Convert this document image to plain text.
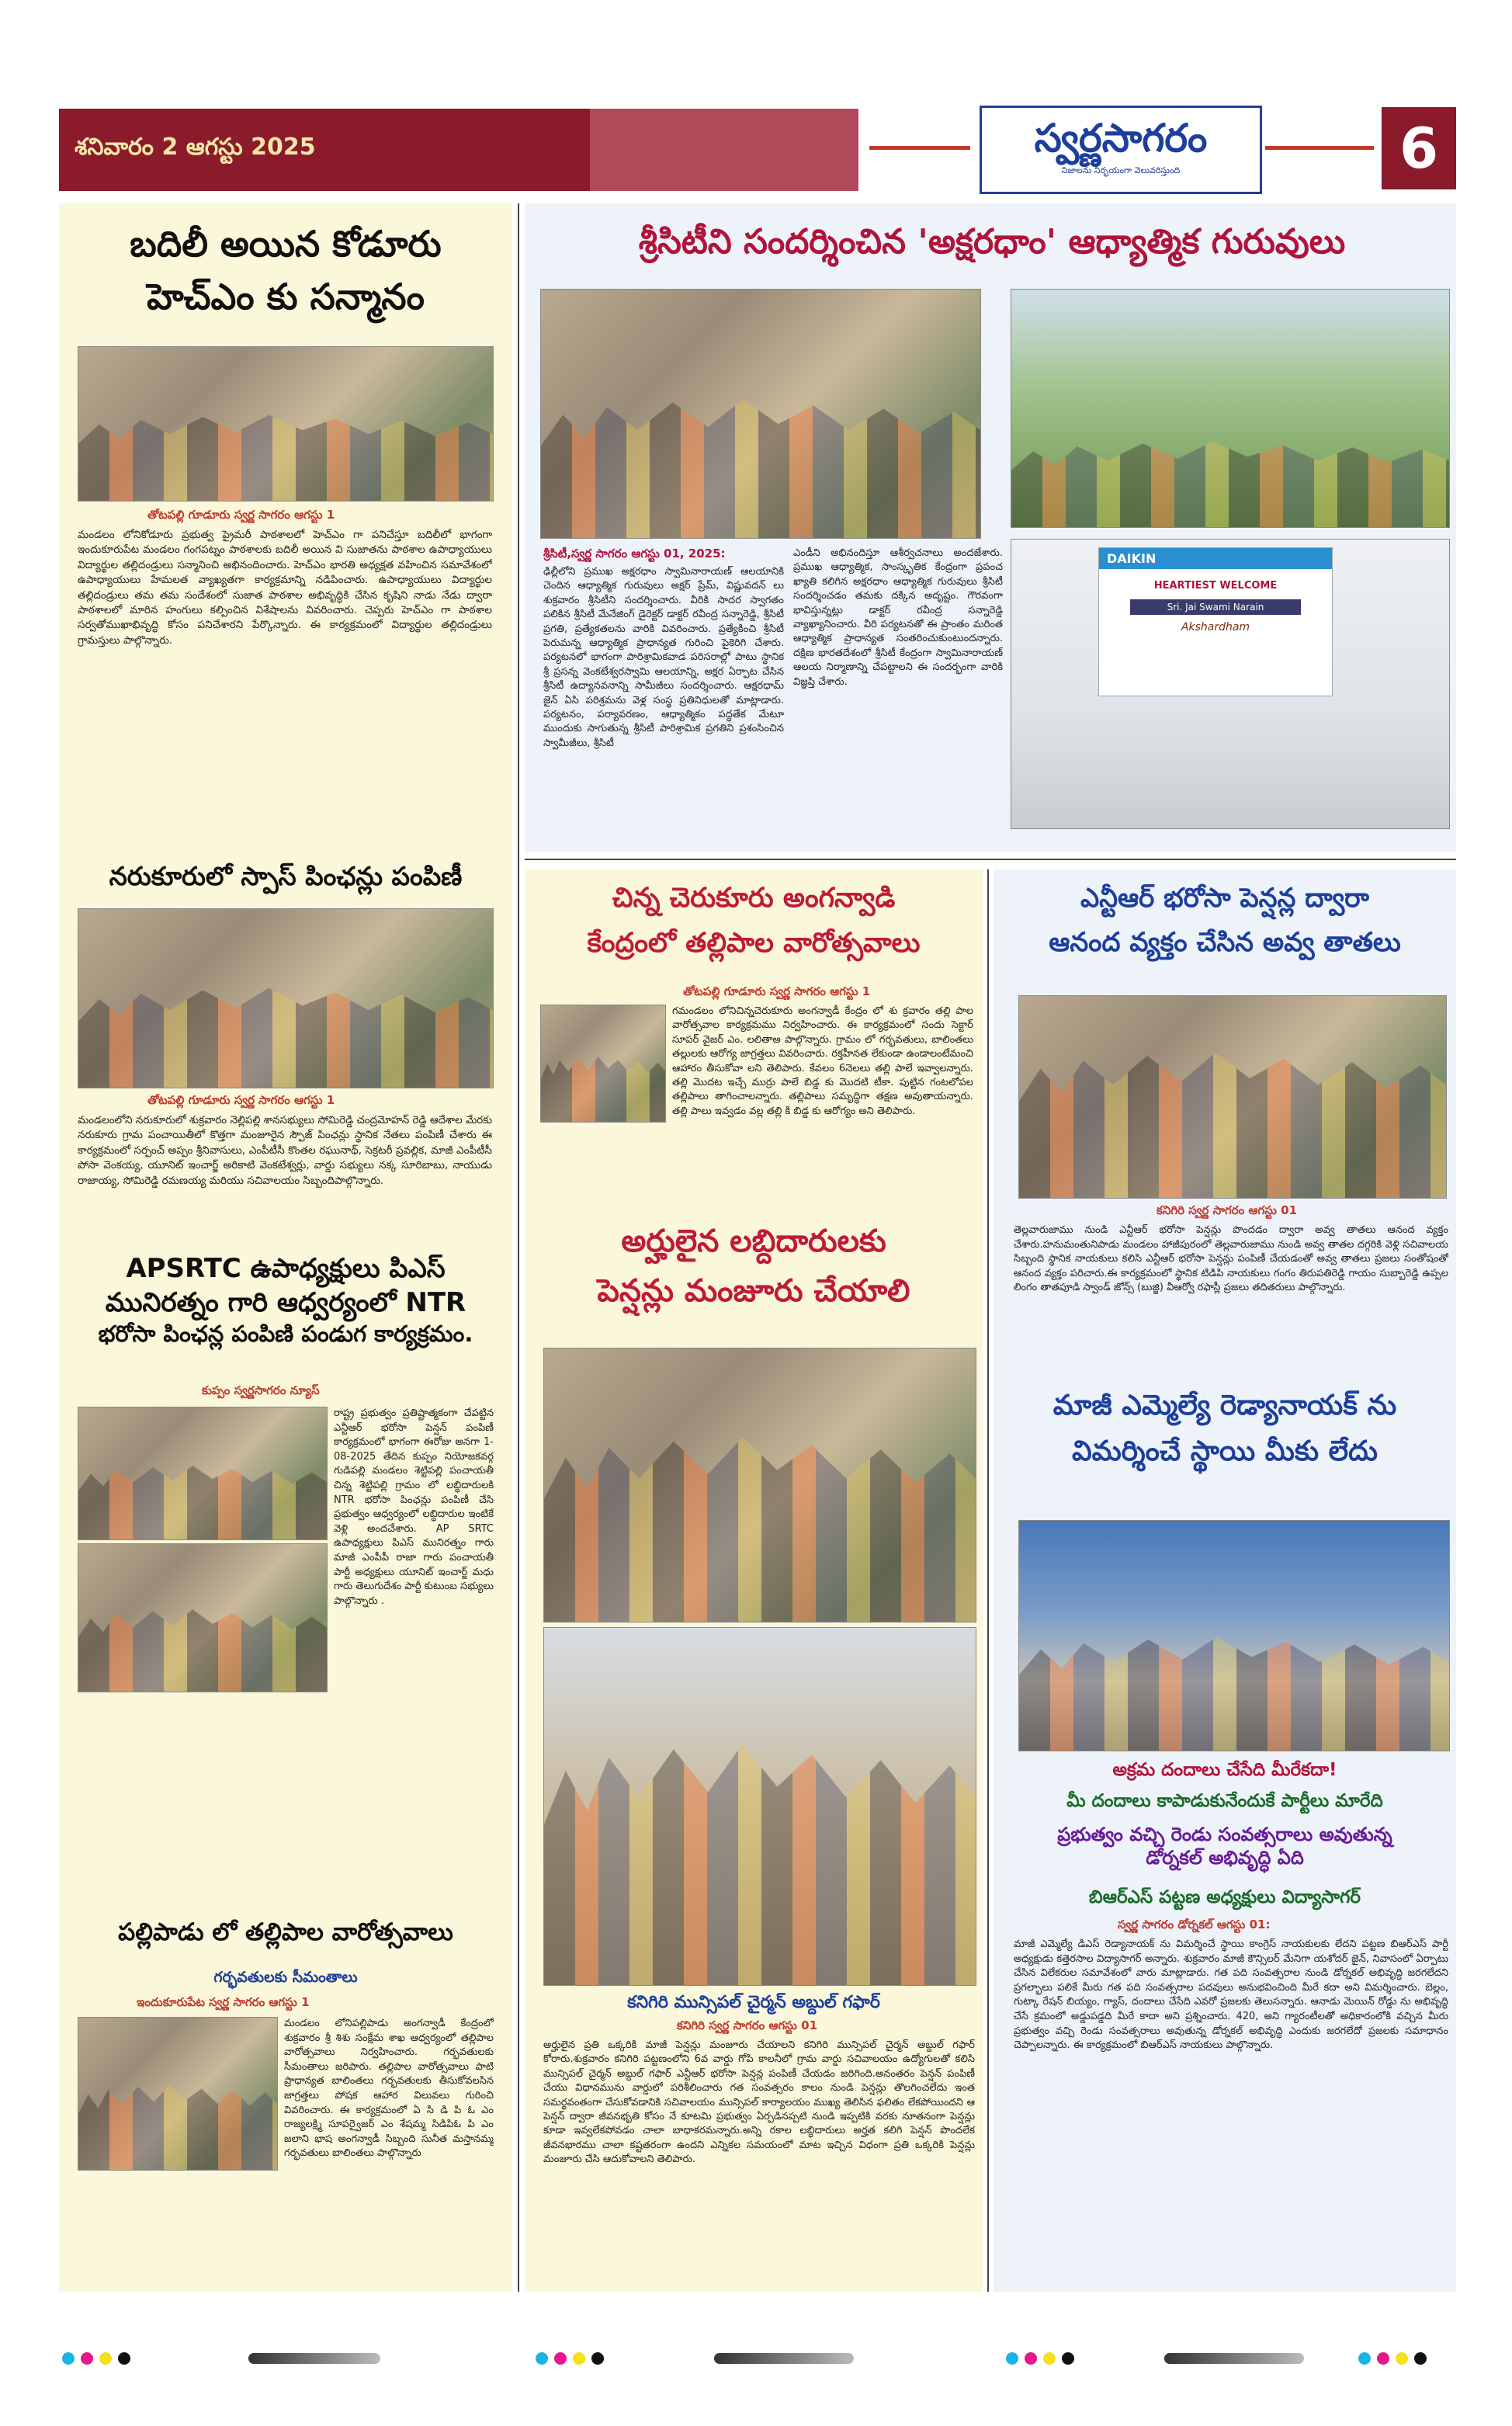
శనివారం 2 ఆగస్టు 2025	స్వర్ణసాగరం
నిజాలను నిర్భయంగా వెలువరిస్తుంది	6
బదిలీ అయిన కోడూరు
హెచ్ఎం కు సన్మానం
తోటపల్లి గూడూరు స్వర్ణ సాగరం ఆగస్టు 1
మండలం లోనికోడూరు ప్రభుత్వ ప్రైమరీ పాఠశాలలో హెచ్ఎం గా పనిచేస్తూ బదిలీలో భాగంగా ఇందుకూరుపేట మండలం గంగపట్నం పాఠశాలకు బదిలీ అయిన వి సుజాతను పాఠశాల ఉపాధ్యాయులు విద్యార్థుల తల్లిదండ్రులు సన్మానించి అభినందించారు. హెచ్ఎం భారతి అధ్యక్షత వహించిన సమావేశంలో ఉపాధ్యాయులు హేమలత వ్యాఖ్యతగా కార్యక్రమాన్ని నడిపించారు. ఉపాధ్యాయులు విద్యార్థుల తల్లిదండ్రులు తమ తమ సందేశంలో సుజాత పాఠశాల అభివృద్ధికి చేసిన కృషిని నాడు నేడు ద్వారా పాఠశాలలో మారిన హంగులు కల్పించిన విశేషాలను వివరించారు. చెప్పరు హెచ్ఎం గా పాఠశాల సర్వతోముఖాభివృద్ధి కోసం పనిచేశారని పేర్కొన్నారు. ఈ కార్యక్రమంలో విద్యార్థుల తల్లిదండ్రులు గ్రామస్తులు పాల్గొన్నారు.
నరుకూరులో స్పాస్ పింఛన్లు పంపిణీ
తోటపల్లి గూడూరు స్వర్ణ సాగరం ఆగస్టు 1
మండలంలోని నరుకూరులో శుక్రవారం నెల్లిపల్లి శానసభ్యులు సోమిరెడ్డి చంద్రమోహన్ రెడ్డి ఆదేశాల మేరకు నరుకూరు గ్రామ పంచాయితీలో కొత్తగా మంజూరైన స్పౌజ్ పింఛన్లు స్థానిక నేతలు పంపిణీ చేశారు ఈ కార్యక్రమంలో సర్పంచ్ అప్పం శ్రీనివాసులు, ఎంపీటీసీ కొంతల రఘునాథ్, సెక్రటరీ ప్రవల్లిక, మాజీ ఎంపీటీసీ పోసా వెంకయ్య, యూనిట్ ఇంచార్జ్ అరికాటి వెంకటేశ్వర్లు, వార్డు సభ్యులు నక్క సూరిబాబు, నాయుడు రాజాయ్య, సోమిరెడ్డి రమణయ్య మరియు సచివాలయం సిబ్బందిపాల్గొన్నారు.
APSRTC ఉపాధ్యక్షులు పిఎస్
మునిరత్నం గారి ఆధ్వర్యంలో NTR
భరోసా పింఛన్ల పంపిణి పండుగ కార్యక్రమం.
కుప్పం స్వర్ణసాగరం న్యూస్
రాష్ట్ర ప్రభుత్వం ప్రతిష్టాత్మకంగా చేపట్టిన ఎన్టీఆర్ భరోసా పెన్షన్ పంపిణీ కార్యక్రమంలో భాగంగా ఈరోజు అనగా 1-08-2025 తేదిన కుప్పం నియోజకవర్గ గుడిపల్లి మండలం శెట్టిపల్లి పంచాయతీ చిన్న శెట్టిపల్లి గ్రామం లో లబ్ధిదారులకి NTR భరోసా పింఛన్లు పంపిణీ చేసి ప్రభుత్వం ఆధ్వర్యంలో లబ్ధిదారుల ఇంటికే వెళ్లి అందచేశారు. AP SRTC ఉపాధ్యక్షులు పిఎస్ మునిరత్నం గారు మాజీ ఎంపీపీ రాజా గారు పంచాయతీ పార్టీ అధ్యక్షులు యూనిట్ ఇంచార్జ్ మధు గారు తెలుగుదేశం పార్టీ కుటుంబ సభ్యులు పాల్గొన్నారు .
పల్లిపాడు లో తల్లిపాల వారోత్సవాలు
గర్భవతులకు సీమంతాలు
ఇందుకూరుపేట స్వర్ణ సాగరం ఆగస్టు 1
మండలం లోనిపల్లిపాడు అంగన్వాడీ కేంద్రంలో శుక్రవారం శ్రీ శిశు సంక్షేమ శాఖ ఆధ్వర్యంలో తల్లిపాల వారోత్సవాలు నిర్వహించారు. గర్భవతులకు సీమంతాలు జరిపారు. తల్లిపాల వారోత్సవాలు పాటి ప్రాధాన్యత బాలింతలు గర్భవతులకు తీసుకోవలసిన జాగ్రత్తలు పోషక ఆహార విలువలు గురించి వివరించారు. ఈ కార్యక్రమంలో ఏ సి డి పి ఓ ఎం రాజ్యలక్ష్మి సూపర్వైజర్ ఎం శేషమ్మ సిడిపిఓ పి ఎం జలాని భాష అంగన్వాడీ సిబ్బంది సునీత మస్తానమ్మ గర్భవతులు బాలింతలు పాల్గొన్నారు
శ్రీసిటీని సందర్శించిన 'అక్షరధాం' ఆధ్యాత్మిక గురువులు
DAIKIN
HEARTIEST WELCOME
Sri. Jai Swami Narain
Akshardham
శ్రీసిటీ,స్వర్ణ సాగరం ఆగస్టు 01, 2025:
ఢిల్లీలోని ప్రముఖ అక్షరధాం స్వామినారాయణ్ ఆలయానికి చెందిన ఆధ్యాత్మిక గురువులు అక్షర్ ప్రేమ్, విష్ణువదన్ లు శుక్రవారం శ్రీసిటీని సందర్శించారు. వీరికి సాదర స్వాగతం పలికిన శ్రీసిటీ మేనేజింగ్ డైరెక్టర్ డాక్టర్ రవీంద్ర సన్నారెడ్డి, శ్రీసిటీ ప్రగతి, ప్రత్యేకతలను వారికి వివరించారు. ప్రత్యేకించి శ్రీసిటీ పెరుమన్న ఆధ్యాత్మిక ప్రాధాన్యత గురించి పైకెరిగి చేశారు. పర్యటనలో భాగంగా పారిశ్రామికవాడ పరిసరాల్లో పాటు స్థానిక శ్రీ ప్రసన్న వెంకటేశ్వరస్వామి ఆలయాన్ని, అక్షర ఏర్పాట చేసిన శ్రీసిటీ ఉద్యానవనాన్ని సామీజీలు సందర్శించారు. ఆక్షరధామ్ జైన్ ఏసి పరిశ్రమను వెళ్ల సంస్థ ప్రతినిధులతో మాట్లాడారు. పర్యటనం, పర్యావరణం, ఆధ్యాత్మికం పద్ధతేక మేటూ ముందుకు సాగుతున్న శ్రీసిటీ పారిశ్రామిక ప్రగతిని ప్రశంసించిన స్వామీజీలు, శ్రీసిటీ
ఎండీని అభినందిస్తూ ఆశీర్వచనాలు అందజేశారు. ప్రముఖ ఆధ్యాత్మిక, సాంస్కృతిక కేంద్రంగా ప్రపంచ ఖ్యాతి కలిగిన అక్షరధాం ఆధ్యాత్మిక గురువులు శ్రీసిటీ సందర్శించడం తమకు దక్కిన అదృష్టం. గౌరవంగా భావిస్తున్నట్లు డాక్టర్ రవీంద్ర సన్నారెడ్డి వ్యాఖ్యానించారు. వీరి పర్యటనతో ఈ ప్రాంతం మరింత ఆధ్యాత్మిక ప్రాధాన్యత సంతరించుకుంటుందన్నారు. దక్షిణ భారతదేశంలో శ్రీసిటీ కేంద్రంగా స్వామినారాయణ్ ఆలయ నిర్మాణాన్ని చేపట్టాలని ఈ సందర్భంగా వారికి విజ్ఞప్తి చేశారు.
చిన్న చెరుకూరు అంగన్వాడి
కేంద్రంలో తల్లిపాల వారోత్సవాలు
తోటపల్లి గూడూరు స్వర్ణ సాగరం ఆగస్టు 1
గమండలం లోనిచిన్నచెరుకూరు అంగన్వాడీ కేంద్రం లో శు క్రవారం తల్లి పాల వారోత్సవాల కార్యక్రమము నిర్వహించారు. ఈ కార్యక్రమంలో సందు సెక్టార్ సూపర్ వైజర్ ఎం. లలితాఅ పాల్గొన్నారు. గ్రామం లో గర్భవతులు, బాలింతలు తల్లులకు ఆరోగ్య జాగ్రత్తలు వివరించారు. రక్తహీనత లేకుండా ఉండాలంటేమంచి ఆహారం తీసుకోవా లని తెలిపారు. కేవలం 6నెలలు తల్లి పాలే ఇవ్వాలన్నారు. తల్లి మొదట ఇచ్చే ముర్రు పాలే బిడ్డ కు మొదటి టీకా. పుట్టిన గంటలోపల తల్లిపాలు తాగించాలన్నారు. తల్లిపాలు సమృద్ధిగా తక్షణ అవుతాయన్నారు. తల్లి పాలు ఇవ్వడం వల్ల తల్లి కి బిడ్డ కు ఆరోగ్యం అని తెలిపారు.
అర్హులైన లబ్దిదారులకు
పెన్షన్లు మంజూరు చేయాలి
కనిగిరి మున్సిపల్ చైర్మన్ అబ్దుల్ గఫార్
కనిగిరి స్వర్ణ సాగరం ఆగస్టు 01
అర్హులైన ప్రతి ఒక్కరికి మాజీ పెన్షన్లు మంజూరు చేయాలని కనిగిరి మున్సిపల్ చైర్మన్ అబ్దుల్ గఫార్ కోరారు.శుక్రవారం కనిగిరి పట్టణంలోని 6వ వార్డు గోపి కాలనీలో గ్రామ వార్డు సచివాలయం ఉద్యోగులతో కలిసి మున్సిపల్ చైర్మన్ అబ్దుల్ గఫార్ ఎన్టీఆర్ భరోసా పెన్షన్ల పంపిణీ చేయడం జరిగింది.అనంతరం పెన్షన్ పంపిణీ చేయు విధానమును వార్డులో పరిశీలించారు గత సంవత్సరం కాలం నుండి పెన్షన్లు తొలగించలేదు ఇంత సమర్థవంతంగా చేసుకోవడానికి సచివాలయం మున్సిపల్ కార్యాలయం ముఖ్య తెలిసిన ఫలితం లేకపోయిందని ఆ పెన్షన్ ద్వారా జీవనభృతి కోసం నే కూటమి ప్రభుత్వం ఏర్పడినప్పటి నుండి ఇప్పటికి వరకు నూతనంగా పెన్షన్లు కూడా ఇవ్వలేకపోవడం చాలా బాధాకరమన్నారు.అన్ని రకాల లబ్ధిదారులు అర్హత కలిగి పెన్షన్ పొందలేక జీవనభారము చాలా కష్టతరంగా ఉందని ఎన్నికల సమయంలో మాట ఇచ్చిన విధంగా ప్రతి ఒక్కరికి పెన్షన్లు మంజూరు చేసి ఆదుకోవాలని తెలిపారు.
ఎన్టీఆర్ భరోసా పెన్షన్ల ద్వారా
ఆనంద వ్యక్తం చేసిన అవ్వ తాతలు
కనిగిరి స్వర్ణ సాగరం ఆగస్టు 01
తెల్లవారుజాము నుండి ఎన్టీఆర్ భరోసా పెన్షన్లు పొందడం ద్వారా అవ్వ తాతలు ఆనంద వ్యక్తం చేశారు.హనుమంతునిపాడు మండలం హాజీపురంలో తెల్లవారుజాము నుండి అవ్వ తాతల దగ్గరికి వెళ్లి సచివాలయ సిబ్బంది స్థానిక నాయకులు కలిసి ఎన్టీఆర్ భరోసా పెన్షన్లు పంపిణీ చేయడంతో అవ్వ తాతలు ప్రజలు సంతోషంతో ఆనంద వ్యక్తం పరిచారు.ఈ కార్యక్రమంలో స్థానిక టిడిపి నాయకులు గంగం తిరుపతిరెడ్డి గాయం సుబ్బారెడ్డి ఉప్పల లింగం తాతపూడి స్వాండ్ జోన్స్ (బుజ్జి) వీఆర్వో రఫాస్లీ ప్రజలు తదితరులు పాల్గొన్నారు.
మాజీ ఎమ్మెల్యే రెడ్యానాయక్ ను
విమర్శించే స్థాయి మీకు లేదు
అక్రమ దందాలు చేసేది మీరేకదా!
మీ దందాలు కాపాడుకునేందుకే పార్టీలు మారేది
ప్రభుత్వం వచ్చి రెండు సంవత్సరాలు అవుతున్న
డోర్నకల్ అభివృద్ధి ఏది
బిఆర్ఎస్ పట్టణ అధ్యక్షులు విద్యాసాగర్
స్వర్ణ సాగరం డోర్నకల్ ఆగస్టు 01:
మాజీ ఎమ్మెల్యే డిఎస్ రెడ్యానాయక్ ను విమర్శించే స్థాయి కాంగ్రెస్ నాయకులకు లేదని పట్టణ బిఆర్ఎస్ పార్టీ అధ్యక్షుడు కత్తెరసాల విద్యాసాగర్ అన్నారు. శుక్రవారం మాజీ కౌన్సిలర్ మేనిగా యశోదర్ జైన్, నివాసంలో ఏర్పాటు చేసిన విలేకరుల సమావేశంలో వారు మాట్లాడారు. గత పది సంవత్సరాల నుండి డోర్నకల్ అభివృద్ధి జరగలేదని ప్రగల్భాలు పలికే మీరు గత పది సంవత్సరాల పదవులు అనుభవించింది మీరే కదా అని విమర్శించారు. బెల్లం, గుట్కా రేషన్ బియ్యం, గ్యాస్, దందాలు చేసేది ఎవరో ప్రజలకు తెలుసన్నారు. ఆనాడు మెయిన్ రోడ్డు ను అభివృద్ధి చేసే క్రమంలో అడ్డుపడ్డది మీరే కాదా అని ప్రశ్నించారు. 420, అని గ్యారంటీలతో అధికారంలోకి వచ్చిన మీరు ప్రభుత్వం వచ్చి రెండు సంవత్సరాలు అవుతున్న డోర్నకల్ అభివృద్ధి ఎందుకు జరగలేదో ప్రజలకు సమాధానం చెప్పాలన్నారు. ఈ కార్యక్రమంలో బిఆర్ఎస్ నాయకులు పాల్గొన్నారు.
